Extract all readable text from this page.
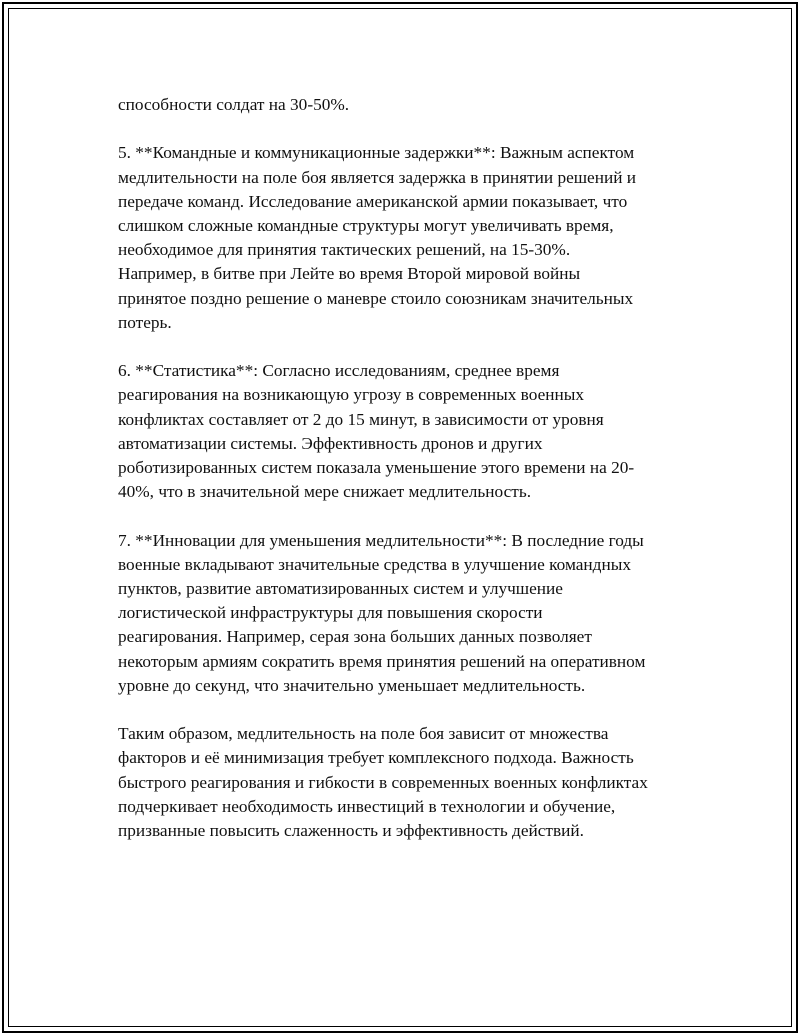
способности солдат на 30-50%.

5. **Командные и коммуникационные задержки**: Важным аспектом
медлительности на поле боя является задержка в принятии решений и
передаче команд. Исследование американской армии показывает, что
слишком сложные командные структуры могут увеличивать время,
необходимое для принятия тактических решений, на 15-30%.
Например, в битве при Лейте во время Второй мировой войны
принятое поздно решение о маневре стоило союзникам значительных
потерь.

6. **Статистика**: Согласно исследованиям, среднее время
реагирования на возникающую угрозу в современных военных
конфликтах составляет от 2 до 15 минут, в зависимости от уровня
автоматизации системы. Эффективность дронов и других
роботизированных систем показала уменьшение этого времени на 20-
40%, что в значительной мере снижает медлительность.

7. **Инновации для уменьшения медлительности**: В последние годы
военные вкладывают значительные средства в улучшение командных
пунктов, развитие автоматизированных систем и улучшение
логистической инфраструктуры для повышения скорости
реагирования. Например, серая зона больших данных позволяет
некоторым армиям сократить время принятия решений на оперативном
уровне до секунд, что значительно уменьшает медлительность.

Таким образом, медлительность на поле боя зависит от множества
факторов и её минимизация требует комплексного подхода. Важность
быстрого реагирования и гибкости в современных военных конфликтах
подчеркивает необходимость инвестиций в технологии и обучение,
призванные повысить слаженность и эффективность действий.
